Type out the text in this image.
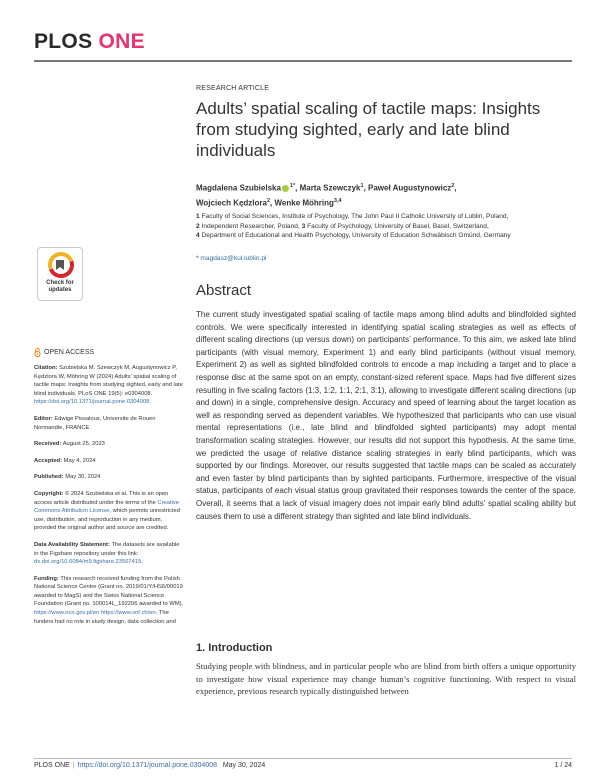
PLOS ONE
RESEARCH ARTICLE
Adults’ spatial scaling of tactile maps: Insights from studying sighted, early and late blind individuals
Magdalena Szubielska $^{1*}$, Marta Szewczyk$^1$, Paweł Augustynowicz$^2$,
Wojciech Kędzlora$^2$, Wenke Möhring$^{3,4}$
1 Faculty of Social Sciences, Institute of Psychology, The John Paul II Catholic University of Lublin, Poland,
2 Independent Researcher, Poland, 3 Faculty of Psychology, University of Basel, Basel, Switzerland,
4 Department of Educational and Health Psychology, University of Education Schwäbisch Gmünd, Germany
* magdasz@kul.lublin.pl
Abstract

The current study investigated spatial scaling of tactile maps among blind adults and blindfolded sighted controls. We were specifically interested in identifying spatial scaling strategies as well as effects of different scaling directions (up versus down) on participants’ performance. To this aim, we asked late blind participants (with visual memory, Experiment 1) and early blind participants (without visual memory, Experiment 2) as well as sighted blindfolded controls to encode a map including a target and to place a response disc at the same spot on an empty, constant-sized referent space. Maps had five different sizes resulting in five scaling factors (1:3, 1:2, 1:1, 2:1, 3:1), allowing to investigate different scaling directions (up and down) in a single, comprehensive design. Accuracy and speed of learning about the target location as well as responding served as dependent variables. We hypothesized that participants who can use visual mental representations (i.e., late blind and blindfolded sighted participants) may adopt mental transformation scaling strategies. However, our results did not support this hypothesis. At the same time, we predicted the usage of relative distance scaling strategies in early blind participants, which was supported by our findings. Moreover, our results suggested that tactile maps can be scaled as accurately and even faster by blind participants than by sighted participants. Furthermore, irrespective of the visual status, participants of each visual status group gravitated their responses towards the center of the space. Overall, it seems that a lack of visual imagery does not impair early blind adults’ spatial scaling ability but causes them to use a different strategy than sighted and late blind individuals.

1. Introduction

Studying people with blindness, and in particular people who are blind from birth offers a unique opportunity to investigate how visual experience may change human’s cognitive functioning. With respect to visual experience, previous research typically distinguished between

Check for updates
OPEN ACCESS
Citation: Szubielska M, Szewczyk M, Augustynowicz P, Kędzlora W, Möhring W (2024) Adults’ spatial scaling of tactile maps: Insights from studying sighted, early and late blind individuals. PLoS ONE 19(5): e0304008. https://doi.org/10.1371/journal.pone.0304008
Editor: Edwige Pissaloux, Universite de Rouen Normandie, FRANCE
Received: August 25, 2023
Accepted: May 4, 2024
Published: May 30, 2024
Copyright: © 2024 Szubielska et al. This is an open access article distributed under the terms of the Creative Commons Attribution License, which permits unrestricted use, distribution, and reproduction in any medium, provided the original author and source are credited.
Data Availability Statement: The datasets are available in the Figshare repository under this link: dx.doi.org/10.6084/m9.figshare.23567415.
Funding: This research received funding from the Polish National Science Centre (Grant no. 2019/01/Y/HS6/00019 awarded to MagS) and the Swiss National Science Foundation (Grant no. 100014L_192206 awarded to WM), https://www.ncn.gov.pl/en https://www.snf.ch/en. The funders had no role in study design, data collection and
PLOS ONE | https://doi.org/10.1371/journal.pone.0304008 May 30, 2024	1 / 24
